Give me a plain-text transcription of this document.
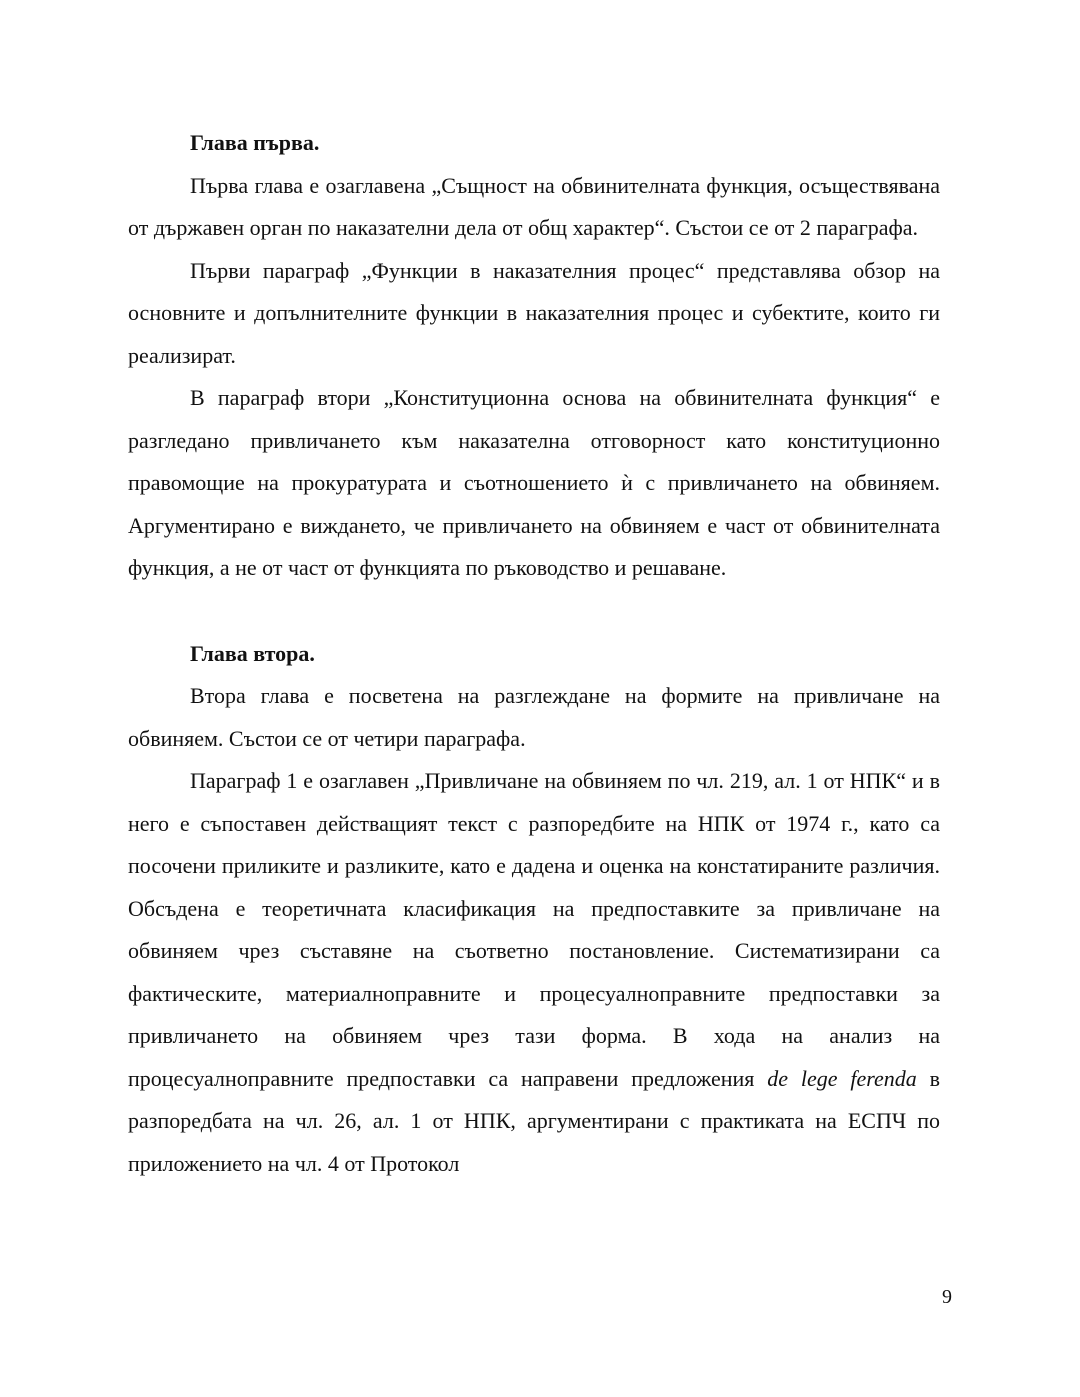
Глава първа.

Първа глава е озаглавена „Същност на обвинителната функция, осъществявана от държавен орган по наказателни дела от общ характер“. Състои се от 2 параграфа.

Първи параграф „Функции в наказателния процес“ представлява обзор на основните и допълнителните функции в наказателния процес и субектите, които ги реализират.

В параграф втори „Конституционна основа на обвинителната функция“ е разгледано привличането към наказателна отговорност като конституционно правомощие на прокуратурата и съотношението ѝ с привличането на обвиняем. Аргументирано е виждането, че привличането на обвиняем е част от обвинителната функция, а не от част от функцията по ръководство и решаване.

Глава втора.

Втора глава е посветена на разглеждане на формите на привличане на обвиняем. Състои се от четири параграфа.

Параграф 1 е озаглавен „Привличане на обвиняем по чл. 219, ал. 1 от НПК“ и в него е съпоставен действащият текст с разпоредбите на НПК от 1974 г., като са посочени приликите и разликите, като е дадена и оценка на констатираните различия. Обсъдена е теоретичната класификация на предпоставките за привличане на обвиняем чрез съставяне на съответно постановление. Систематизирани са фактическите, материалноправните и процесуалноправните предпоставки за привличането на обвиняем чрез тази форма. В хода на анализ на процесуалноправните предпоставки са направени предложения de lege ferenda в разпоредбата на чл. 26, ал. 1 от НПК, аргументирани с практиката на ЕСПЧ по приложението на чл. 4 от Протокол

9
